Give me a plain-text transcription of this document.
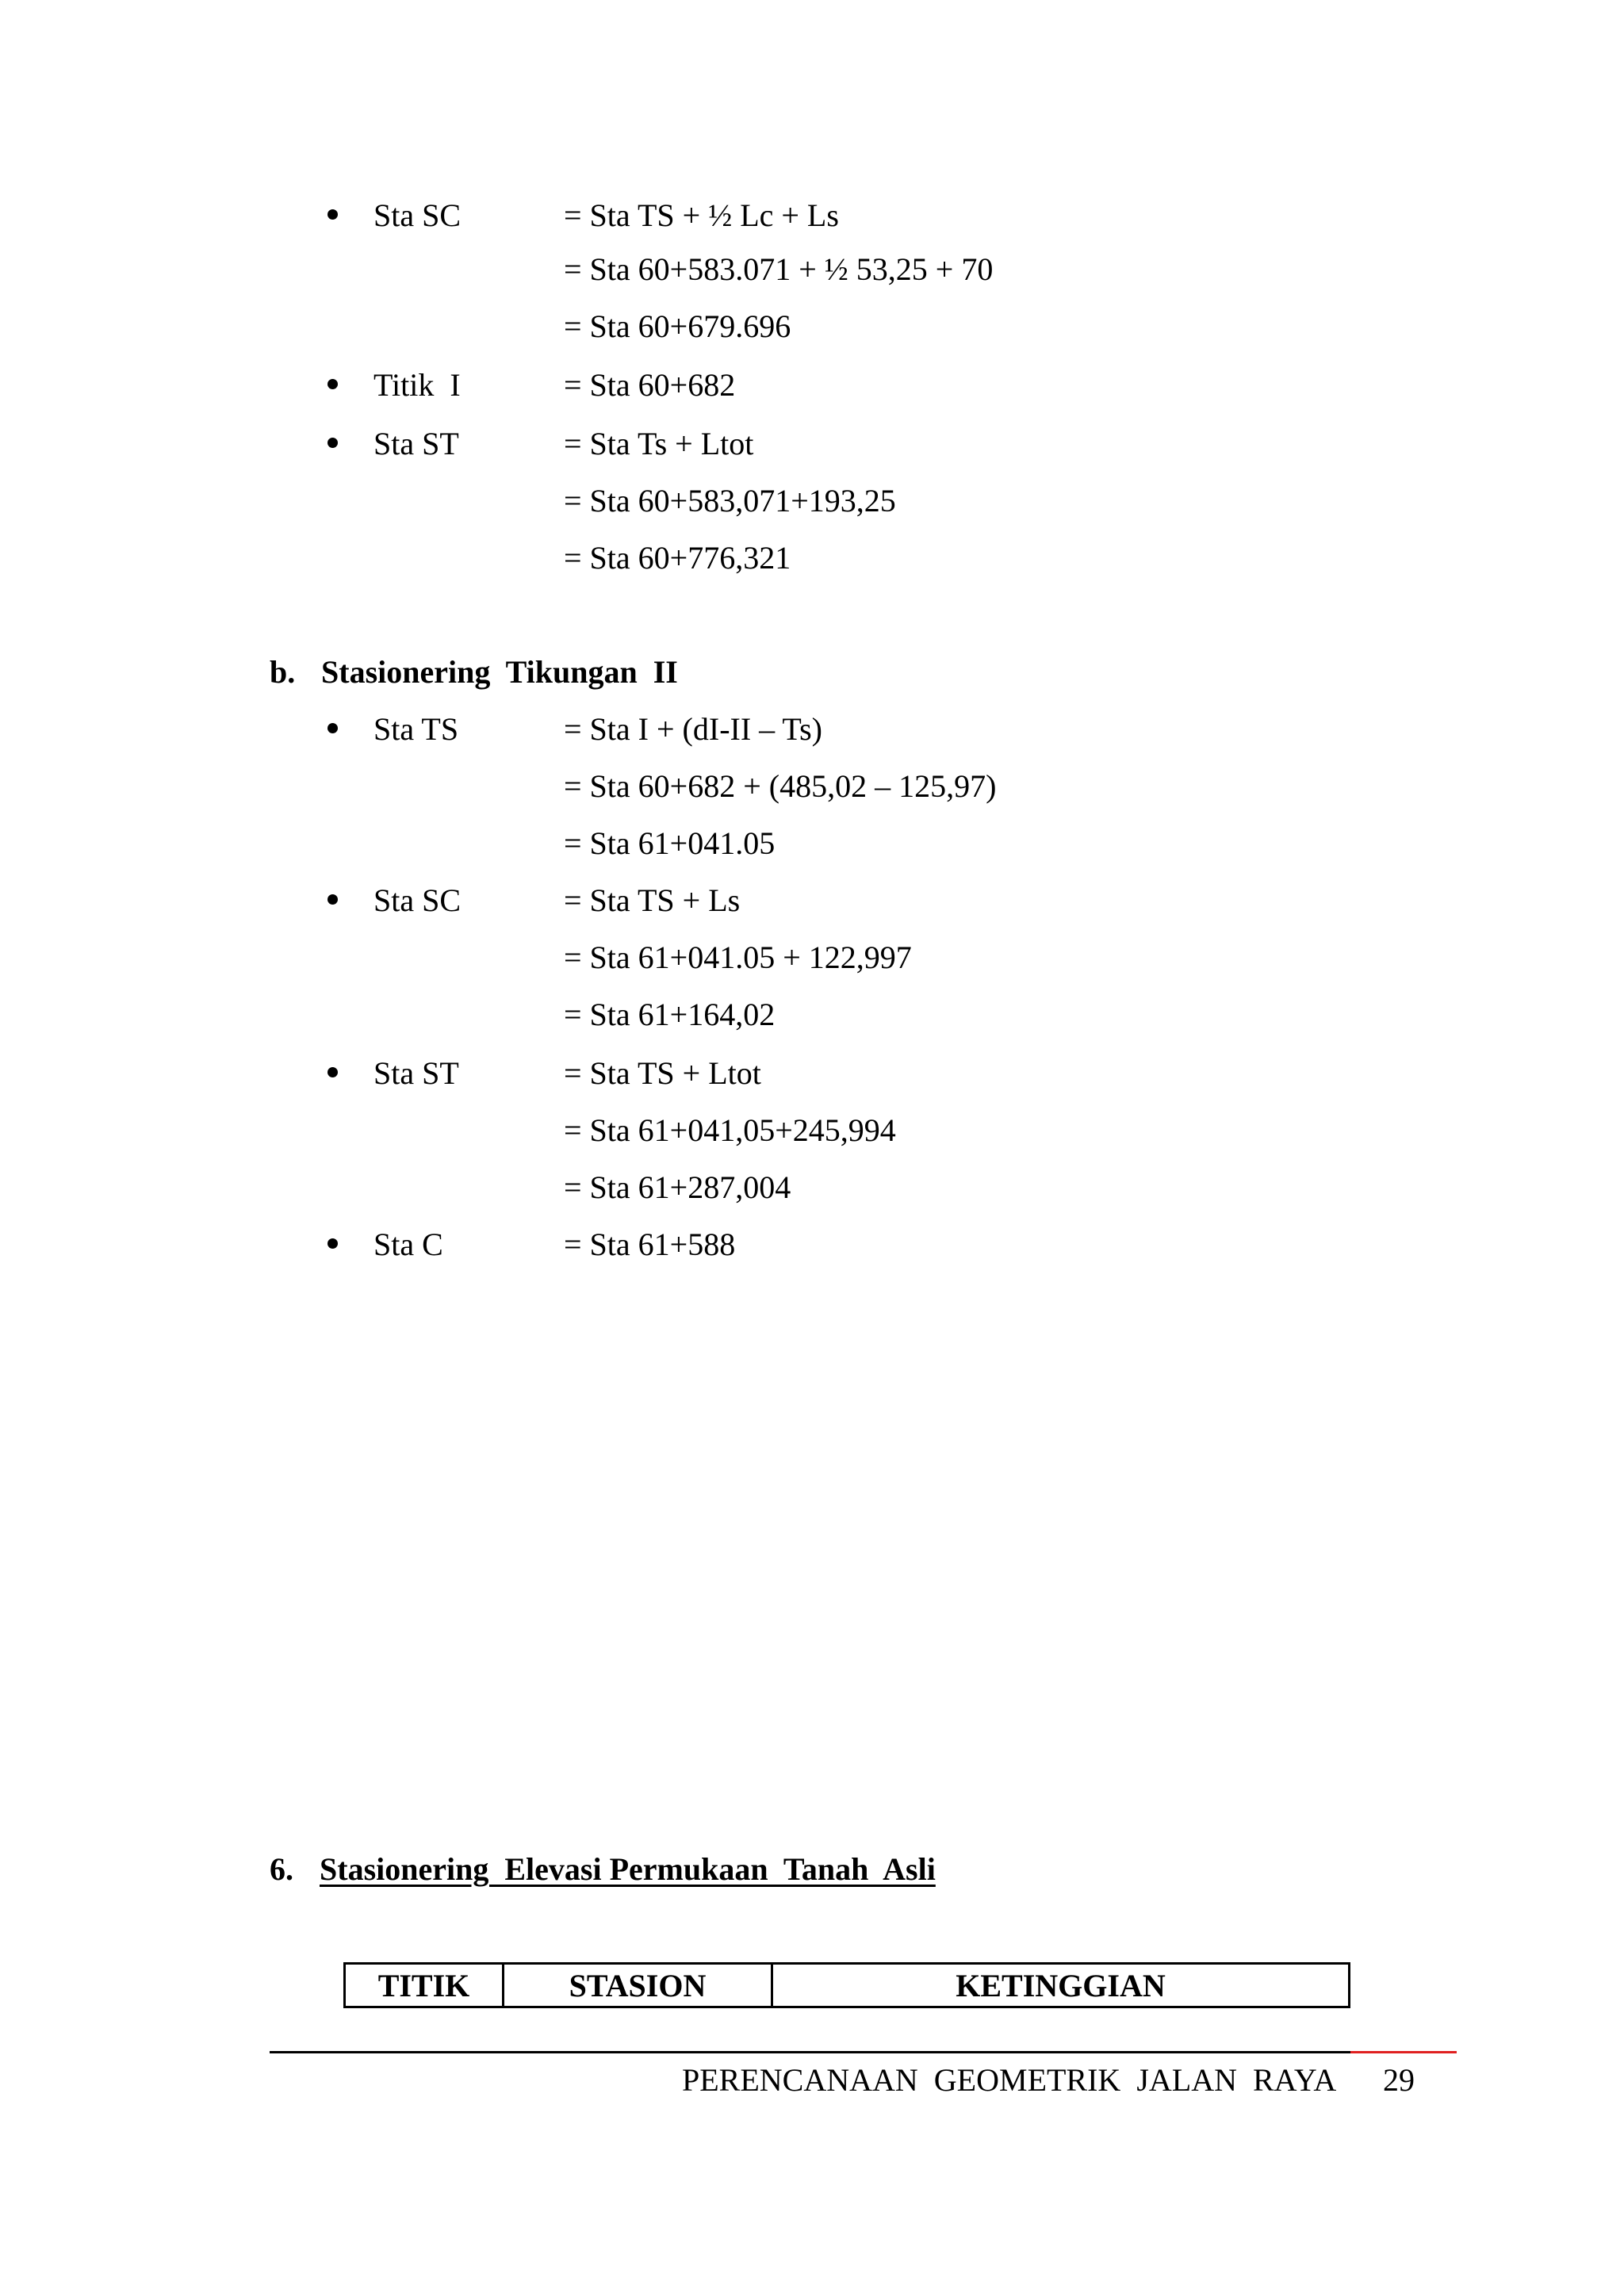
Sta SC	= Sta TS + ½ Lc + Ls
= Sta 60+583.071 + ½ 53,25 + 70
= Sta 60+679.696
Titik  I	= Sta 60+682
Sta ST	= Sta Ts + Ltot
= Sta 60+583,071+193,25
= Sta 60+776,321
b. Stasionering  Tikungan  II
Sta TS	= Sta I + (dI-II – Ts)
= Sta 60+682 + (485,02 – 125,97)
= Sta 61+041.05
Sta SC	= Sta TS + Ls
= Sta 61+041.05 + 122,997
= Sta 61+164,02
Sta ST	= Sta TS + Ltot
= Sta 61+041,05+245,994
= Sta 61+287,004
Sta C	= Sta 61+588
6. Stasionering  Elevasi Permukaan  Tanah  Asli
TITIK	STASION	KETINGGIAN
PERENCANAAN  GEOMETRIK  JALAN  RAYA 29
